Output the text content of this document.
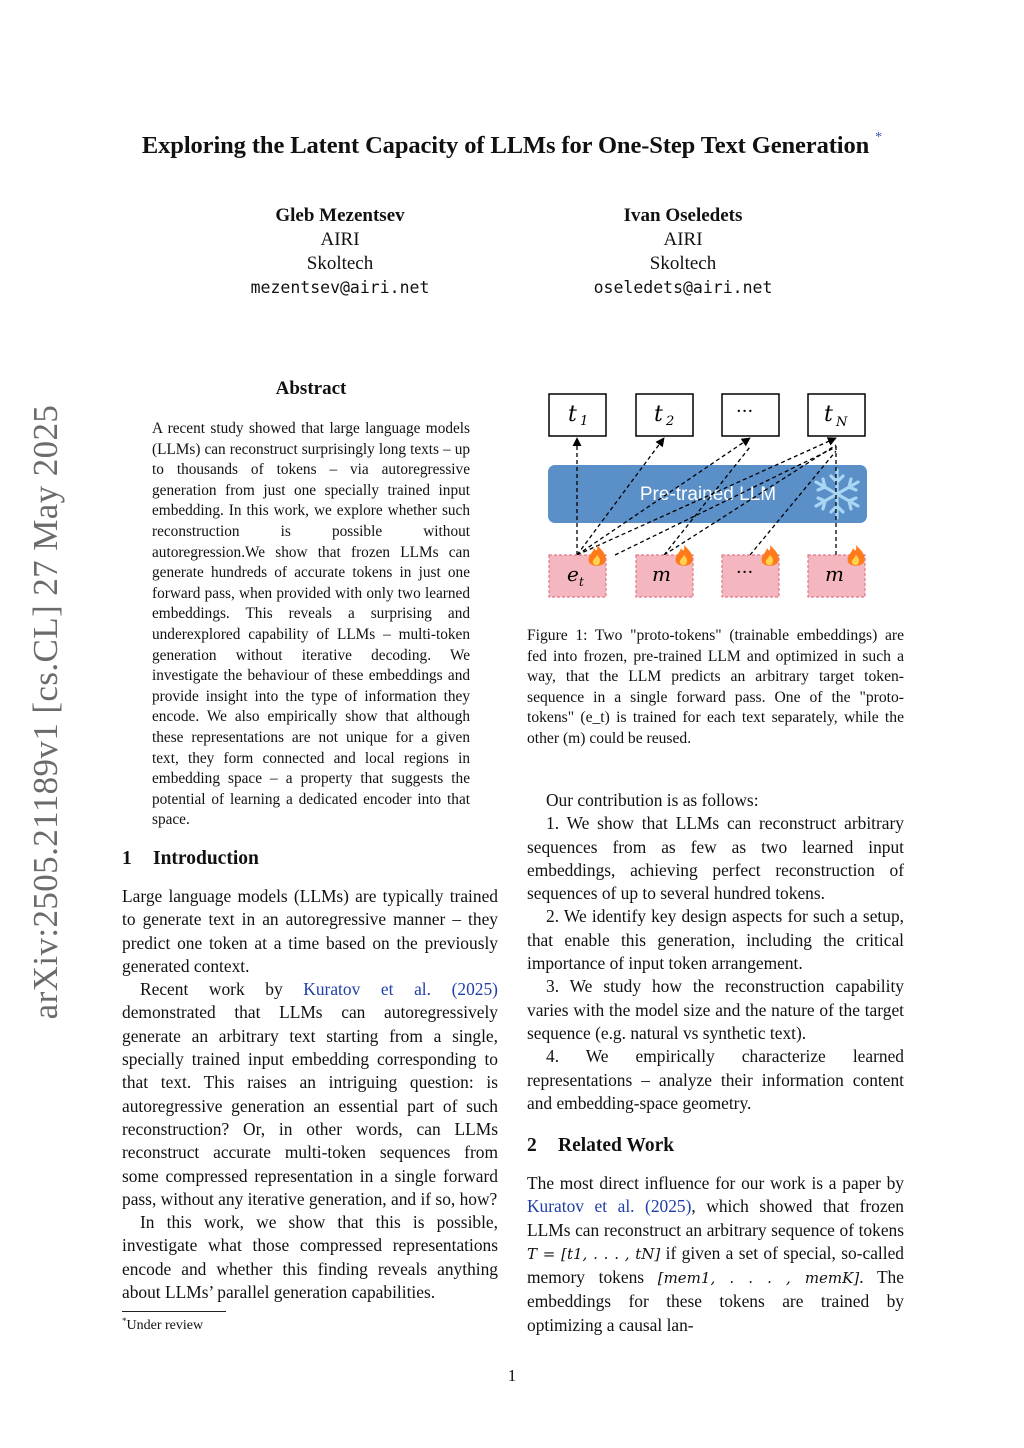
Exploring the Latent Capacity of LLMs for One-Step Text Generation *
Gleb Mezentsev
AIRI
Skoltech
mezentsev@airi.net
Ivan Oseledets
AIRI
Skoltech
oseledets@airi.net
arXiv:2505.21189v1 [cs.CL] 27 May 2025
Abstract
A recent study showed that large language models (LLMs) can reconstruct surprisingly long texts – up to thousands of tokens – via autoregressive generation from just one specially trained input embedding. In this work, we explore whether such reconstruction is possible without autoregression.We show that frozen LLMs can generate hundreds of accurate tokens in just one forward pass, when provided with only two learned embeddings. This reveals a surprising and underexplored capability of LLMs – multi-token generation without iterative decoding. We investigate the behaviour of these embeddings and provide insight into the type of information they encode. We also empirically show that although these representations are not unique for a given text, they form connected and local regions in embedding space – a property that suggests the potential of learning a dedicated encoder into that space.
1 Introduction

Large language models (LLMs) are typically trained to generate text in an autoregressive manner – they predict one token at a time based on the previously generated context.

Recent work by Kuratov et al. (2025) demonstrated that LLMs can autoregressively generate an arbitrary text starting from a single, specially trained input embedding corresponding to that text. This raises an intriguing question: is autoregressive generation an essential part of such reconstruction? Or, in other words, can LLMs reconstruct accurate multi-token sequences from some compressed representation in a single forward pass, without any iterative generation, and if so, how?

In this work, we show that this is possible, investigate what those compressed representations encode and whether this finding reveals anything about LLMs’ parallel generation capabilities.

*Under review
t 1	t 2	···	t N
Pre-trained LLM
e t	m	···	m
Figure 1: Two "proto-tokens" (trainable embeddings) are fed into frozen, pre-trained LLM and optimized in such a way, that the LLM predicts an arbitrary target token-sequence in a single forward pass. One of the "proto-tokens" (e_t) is trained for each text separately, while the other (m) could be reused.

Our contribution is as follows:

1. We show that LLMs can reconstruct arbitrary sequences from as few as two learned input embeddings, achieving perfect reconstruction of sequences of up to several hundred tokens.

2. We identify key design aspects for such a setup, that enable this generation, including the critical importance of input token arrangement.

3. We study how the reconstruction capability varies with the model size and the nature of the target sequence (e.g. natural vs synthetic text).

4. We empirically characterize learned representations – analyze their information content and embedding-space geometry.

2 Related Work

The most direct influence for our work is a paper by Kuratov et al. (2025), which showed that frozen LLMs can reconstruct an arbitrary sequence of tokens T = [t1, . . . , tN] if given a set of special, so-called memory tokens [mem1, . . . , memK]. The embeddings for these tokens are trained by optimizing a causal lan-

1
